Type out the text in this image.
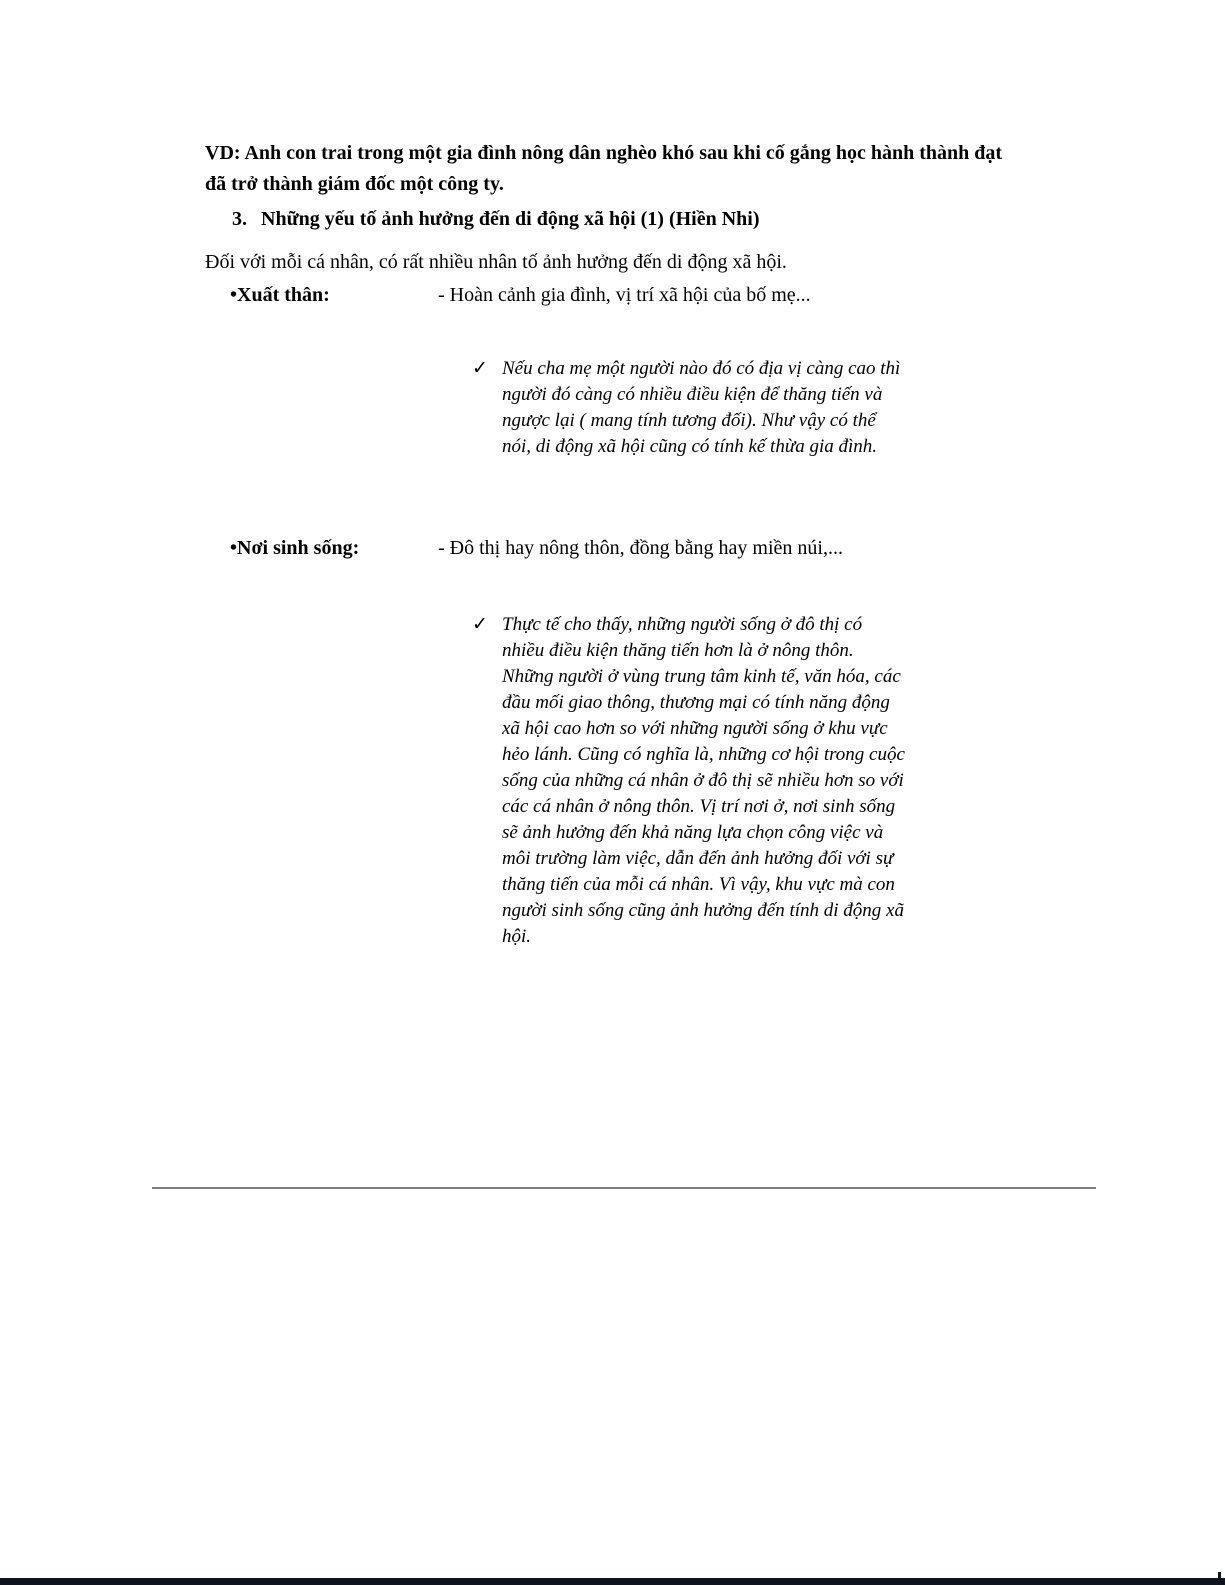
VD: Anh con trai trong một gia đình nông dân nghèo khó sau khi cố gắng học hành thành đạt đã trở thành giám đốc một công ty.

3. Những yếu tố ảnh hưởng đến di động xã hội (1) (Hiền Nhi)

Đối với mỗi cá nhân, có rất nhiều nhân tố ảnh hưởng đến di động xã hội.

•Xuất thân:	- Hoàn cảnh gia đình, vị trí xã hội của bố mẹ...
✓ Nếu cha mẹ một người nào đó có địa vị càng cao thì người đó càng có nhiều điều kiện để thăng tiến và ngược lại ( mang tính tương đối). Như vậy có thể nói, di động xã hội cũng có tính kế thừa gia đình.
•Nơi sinh sống:	- Đô thị hay nông thôn, đồng bằng hay miền núi,...
✓ Thực tế cho thấy, những người sống ở đô thị có nhiều điều kiện thăng tiến hơn là ở nông thôn. Những người ở vùng trung tâm kinh tế, văn hóa, các đầu mối giao thông, thương mại có tính năng động xã hội cao hơn so với những người sống ở khu vực hẻo lánh. Cũng có nghĩa là, những cơ hội trong cuộc sống của những cá nhân ở đô thị sẽ nhiều hơn so với các cá nhân ở nông thôn. Vị trí nơi ở, nơi sinh sống sẽ ảnh hưởng đến khả năng lựa chọn công việc và môi trường làm việc, dẫn đến ảnh hưởng đối với sự thăng tiến của mỗi cá nhân. Vì vậy, khu vực mà con người sinh sống cũng ảnh hưởng đến tính di động xã hội.
